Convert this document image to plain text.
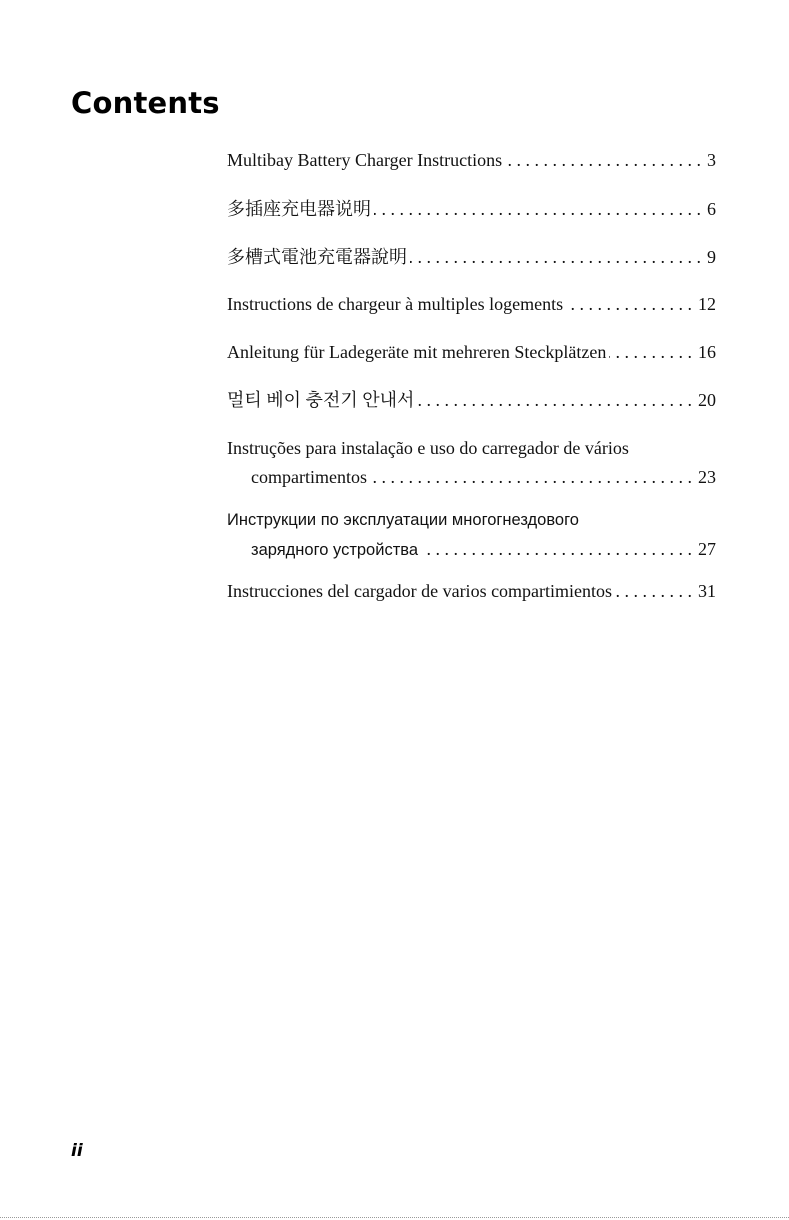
Contents
Multibay Battery Charger Instructions . . .	3
多插座充电器说明 . . .	6
多槽式電池充電器說明 . . .	9
Instructions de chargeur à multiples logements . . .	12
Anleitung für Ladegeräte mit mehreren Steckplätzen . . .	16
멀티 베이 충전기 안내서 . . .	20
Instruções para instalação e uso do carregador de vários
compartimentos . . .	23
Инструкции по эксплуатации многогнездового
зарядного устройства . . .	27
Instrucciones del cargador de varios compartimientos . . .	31
ii
